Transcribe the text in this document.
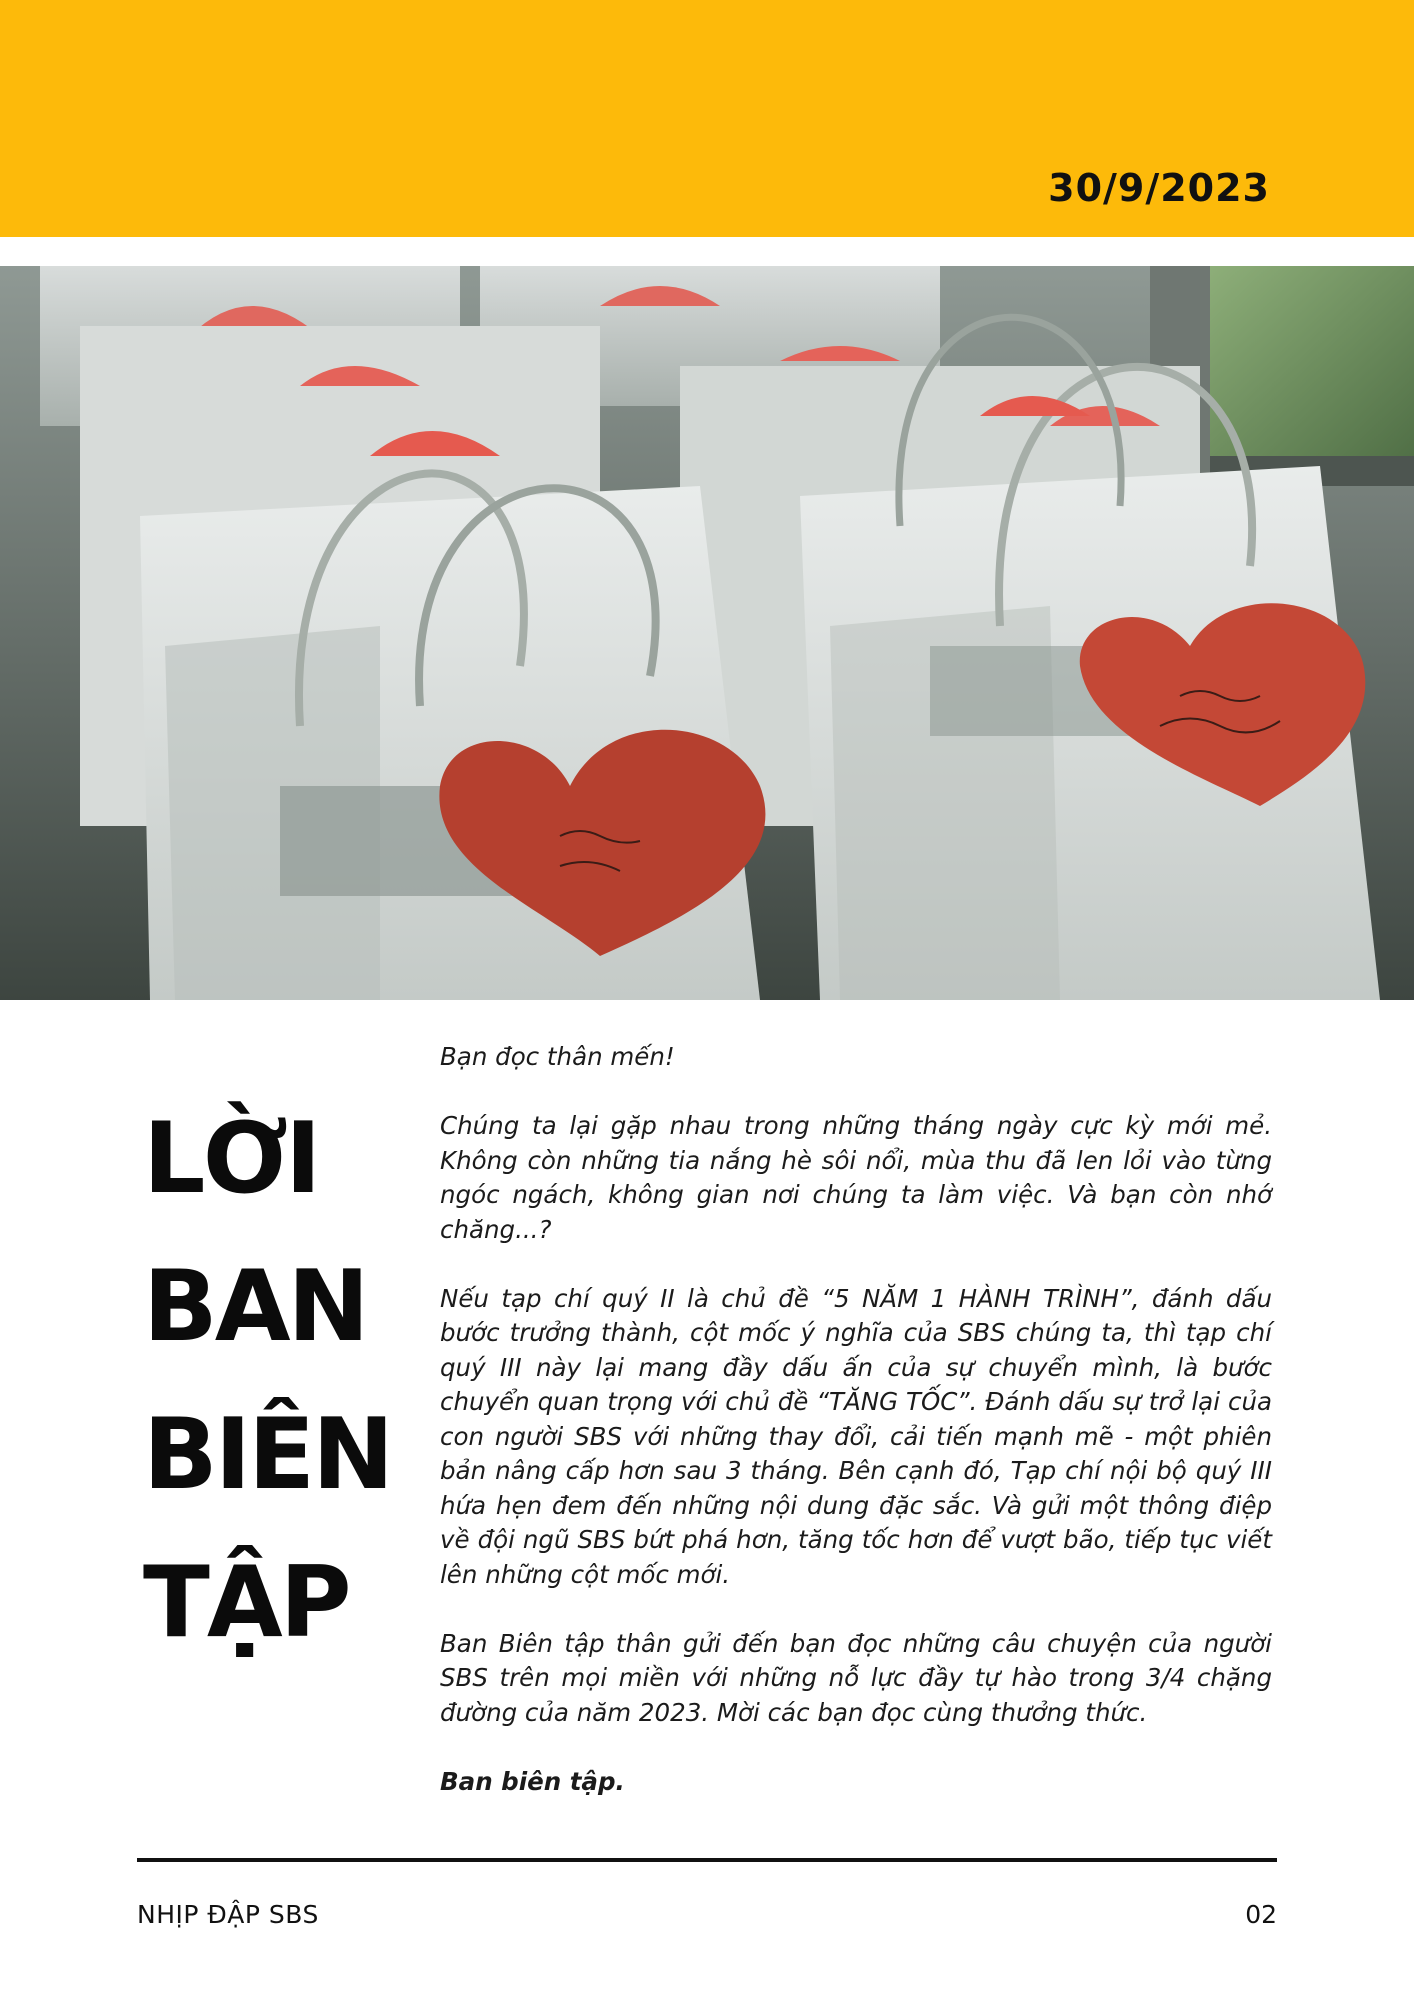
30/9/2023
LỜI
BAN
BIÊN
TẬP

Bạn đọc thân mến!

Chúng ta lại gặp nhau trong những tháng ngày cực kỳ mới mẻ. Không còn những tia nắng hè sôi nổi, mùa thu đã len lỏi vào từng ngóc ngách, không gian nơi chúng ta làm việc. Và bạn còn nhớ chăng...?

Nếu tạp chí quý II là chủ đề “5 NĂM 1 HÀNH TRÌNH”, đánh dấu bước trưởng thành, cột mốc ý nghĩa của SBS chúng ta, thì tạp chí quý III này lại mang đầy dấu ấn của sự chuyển mình, là bước chuyển quan trọng với chủ đề “TĂNG TỐC”. Đánh dấu sự trở lại của con người SBS với những thay đổi, cải tiến mạnh mẽ - một phiên bản nâng cấp hơn sau 3 tháng. Bên cạnh đó, Tạp chí nội bộ quý III hứa hẹn đem đến những nội dung đặc sắc. Và gửi một thông điệp về đội ngũ SBS bứt phá hơn, tăng tốc hơn để vượt bão, tiếp tục viết lên những cột mốc mới.

Ban Biên tập thân gửi đến bạn đọc những câu chuyện của người SBS trên mọi miền với những nỗ lực đầy tự hào trong 3/4 chặng đường của năm 2023. Mời các bạn đọc cùng thưởng thức.

Ban biên tập.

NHỊP ĐẬP SBS	02
